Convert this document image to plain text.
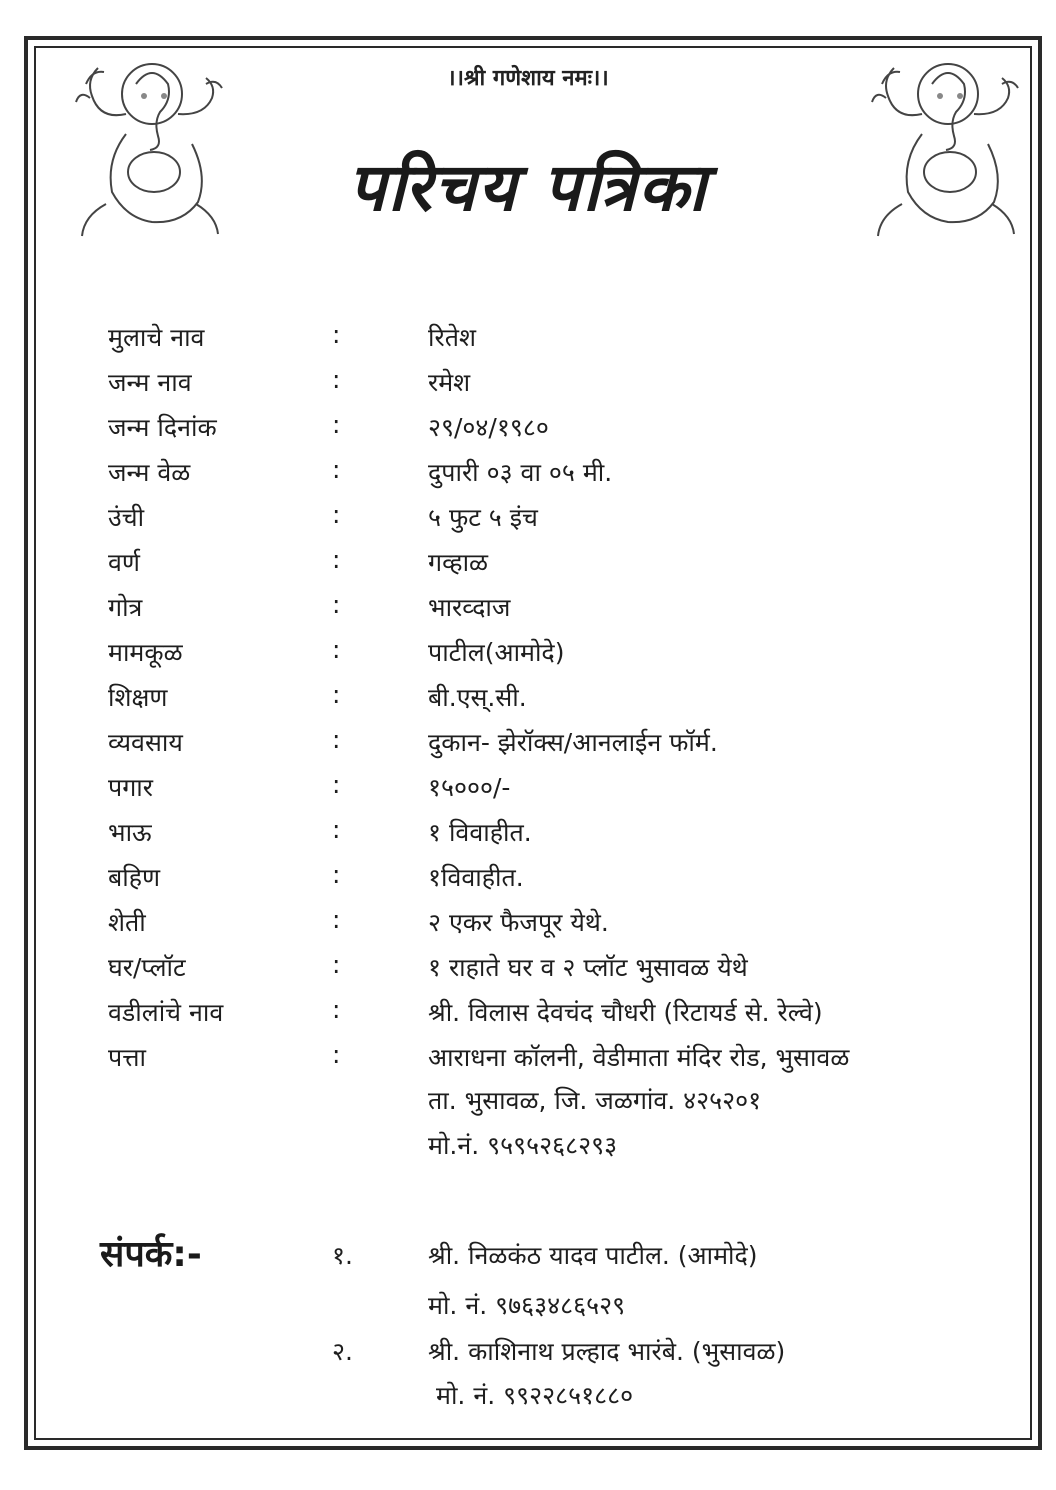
।।श्री गणेशाय नमः।।
परिचय पत्रिका
मुलाचे नाव	:	रितेश
जन्म नाव	:	रमेश
जन्म दिनांक	:	२९/०४/१९८०
जन्म वेळ	:	दुपारी ०३ वा ०५ मी.
उंची	:	५ फुट ५ इंच
वर्ण	:	गव्हाळ
गोत्र	:	भारव्दाज
मामकूळ	:	पाटील(आमोदे)
शिक्षण	:	बी.एस्.सी.
व्यवसाय	:	दुकान- झेरॉक्स/आनलाईन फॉर्म.
पगार	:	१५०००/-
भाऊ	:	१ विवाहीत.
बहिण	:	१विवाहीत.
शेती	:	२ एकर फैजपूर येथे.
घर/प्लॉट	:	१ राहाते घर व २ प्लॉट भुसावळ येथे
वडीलांचे नाव	:	श्री. विलास देवचंद चौधरी (रिटायर्ड से. रेल्वे)
पत्ता	:	आराधना कॉलनी, वेडीमाता मंदिर रोड, भुसावळ
ता. भुसावळ, जि. जळगांव. ४२५२०१
मो.नं. ९५९५२६८२९३
संपर्क:-	१.	श्री. निळकंठ यादव पाटील. (आमोदे)
मो. नं. ९७६३४८६५२९
२.	श्री. काशिनाथ प्रल्हाद भारंबे. (भुसावळ)
मो. नं. ९९२२८५१८८०
